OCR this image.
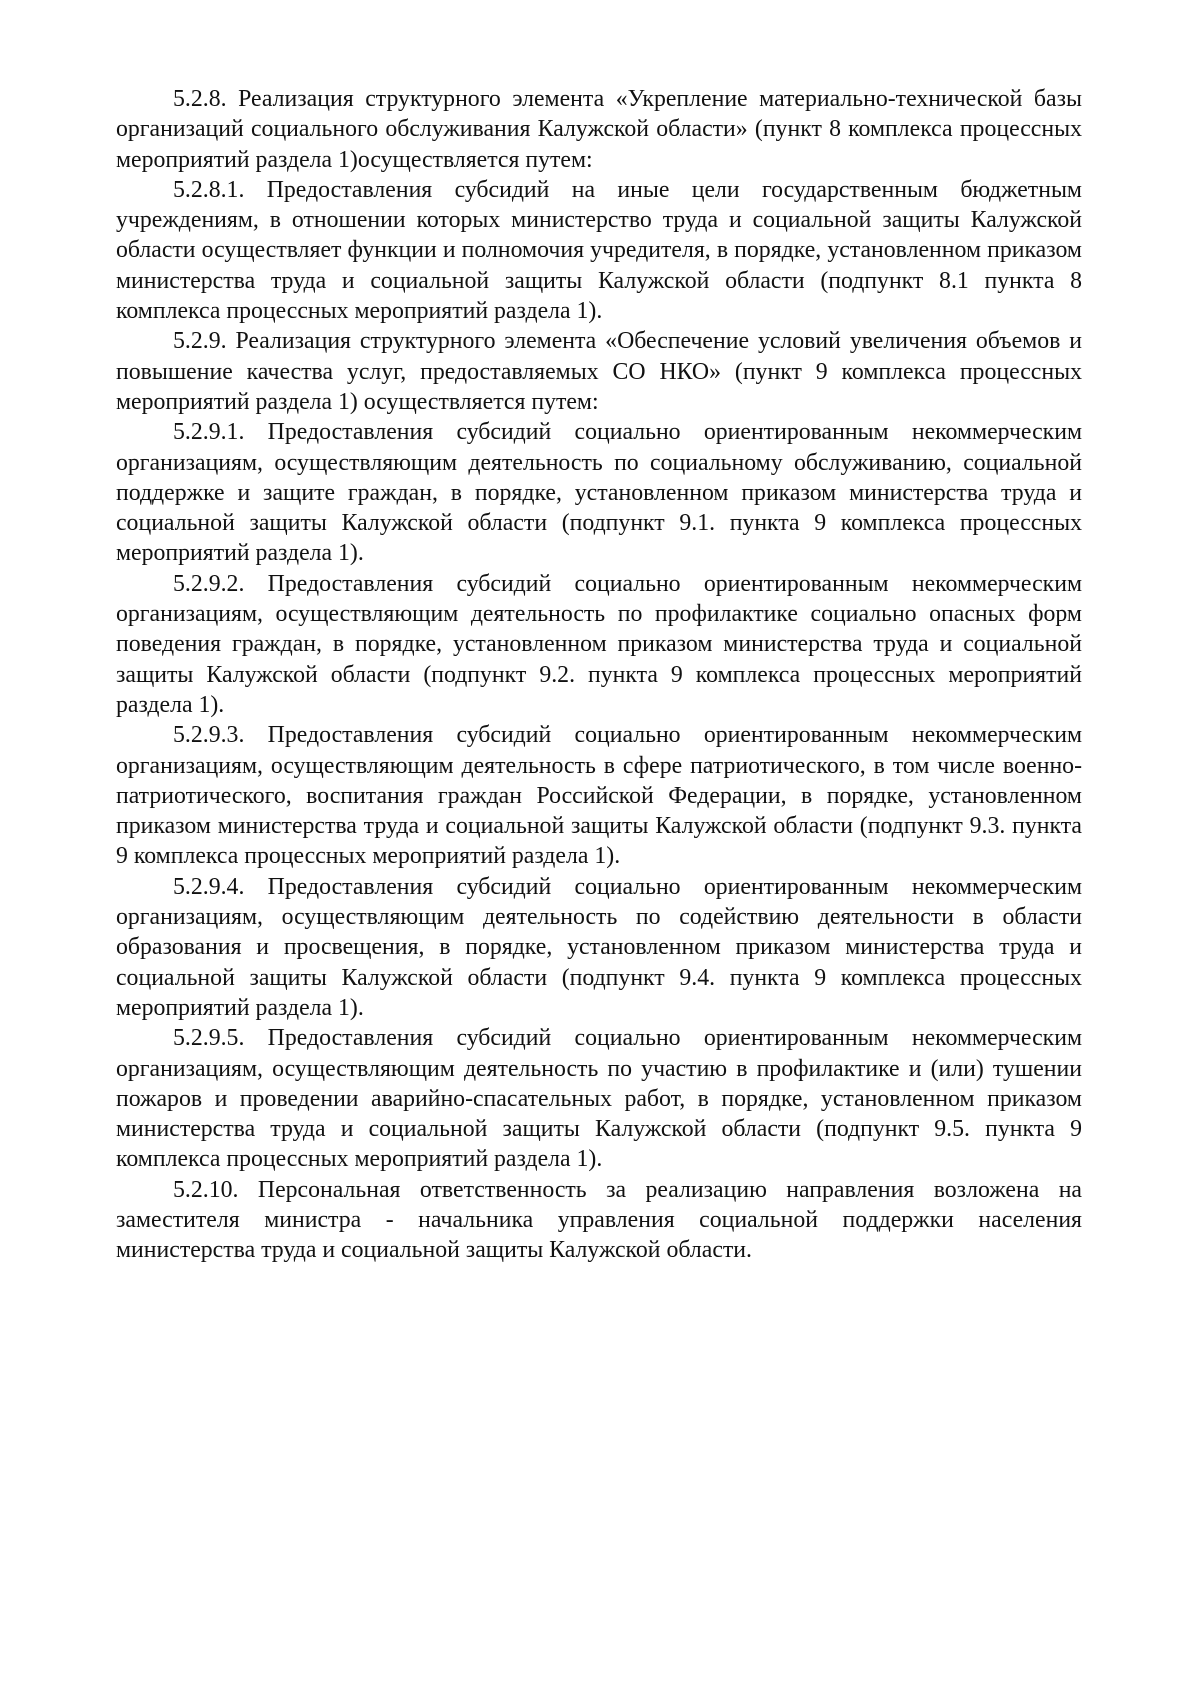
5.2.8. Реализация структурного элемента «Укрепление материально-технической базы организаций социального обслуживания Калужской области» (пункт 8 комплекса процессных мероприятий раздела 1)осуществляется путем:

5.2.8.1. Предоставления субсидий на иные цели государственным бюджетным учреждениям, в отношении которых министерство труда и социальной защиты Калужской области осуществляет функции и полномочия учредителя, в порядке, установленном приказом министерства труда и социальной защиты Калужской области (подпункт 8.1 пункта 8 комплекса процессных мероприятий раздела 1).

5.2.9. Реализация структурного элемента «Обеспечение условий увеличения объемов и повышение качества услуг, предоставляемых СО НКО» (пункт 9 комплекса процессных мероприятий раздела 1) осуществляется путем:

5.2.9.1. Предоставления субсидий социально ориентированным некоммерческим организациям, осуществляющим деятельность по социальному обслуживанию, социальной поддержке и защите граждан, в порядке, установленном приказом министерства труда и социальной защиты Калужской области (подпункт 9.1. пункта 9 комплекса процессных мероприятий раздела 1).

5.2.9.2. Предоставления субсидий социально ориентированным некоммерческим организациям, осуществляющим деятельность по профилактике социально опасных форм поведения граждан, в порядке, установленном приказом министерства труда и социальной защиты Калужской области (подпункт 9.2. пункта 9 комплекса процессных мероприятий раздела 1).

5.2.9.3. Предоставления субсидий социально ориентированным некоммерческим организациям, осуществляющим деятельность в сфере патриотического, в том числе военно-патриотического, воспитания граждан Российской Федерации, в порядке, установленном приказом министерства труда и социальной защиты Калужской области (подпункт 9.3. пункта 9 комплекса процессных мероприятий раздела 1).

5.2.9.4. Предоставления субсидий социально ориентированным некоммерческим организациям, осуществляющим деятельность по содействию деятельности в области образования и просвещения, в порядке, установленном приказом министерства труда и социальной защиты Калужской области (подпункт 9.4. пункта 9 комплекса процессных мероприятий раздела 1).

5.2.9.5. Предоставления субсидий социально ориентированным некоммерческим организациям, осуществляющим деятельность по участию в профилактике и (или) тушении пожаров и проведении аварийно-спасательных работ, в порядке, установленном приказом министерства труда и социальной защиты Калужской области (подпункт 9.5. пункта 9 комплекса процессных мероприятий раздела 1).

5.2.10. Персональная ответственность за реализацию направления возложена на заместителя министра - начальника управления социальной поддержки населения министерства труда и социальной защиты Калужской области.
